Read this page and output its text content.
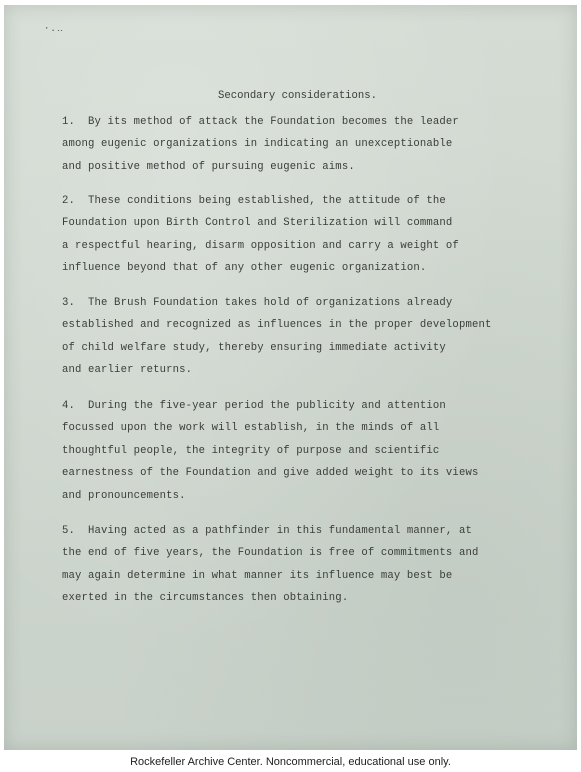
·.‥
Secondary considerations.
1.  By its method of attack the Foundation becomes the leader
among eugenic organizations in indicating an unexceptionable
and positive method of pursuing eugenic aims.
2.  These conditions being established, the attitude of the
Foundation upon Birth Control and Sterilization will command
a respectful hearing, disarm opposition and carry a weight of
influence beyond that of any other eugenic organization.
3.  The Brush Foundation takes hold of organizations already
established and recognized as influences in the proper development
of child welfare study, thereby ensuring immediate activity
and earlier returns.
4.  During the five-year period the publicity and attention
focussed upon the work will establish, in the minds of all
thoughtful people, the integrity of purpose and scientific
earnestness of the Foundation and give added weight to its views
and pronouncements.
5.  Having acted as a pathfinder in this fundamental manner, at
the end of five years, the Foundation is free of commitments and
may again determine in what manner its influence may best be
exerted in the circumstances then obtaining.
Rockefeller Archive Center. Noncommercial, educational use only.
